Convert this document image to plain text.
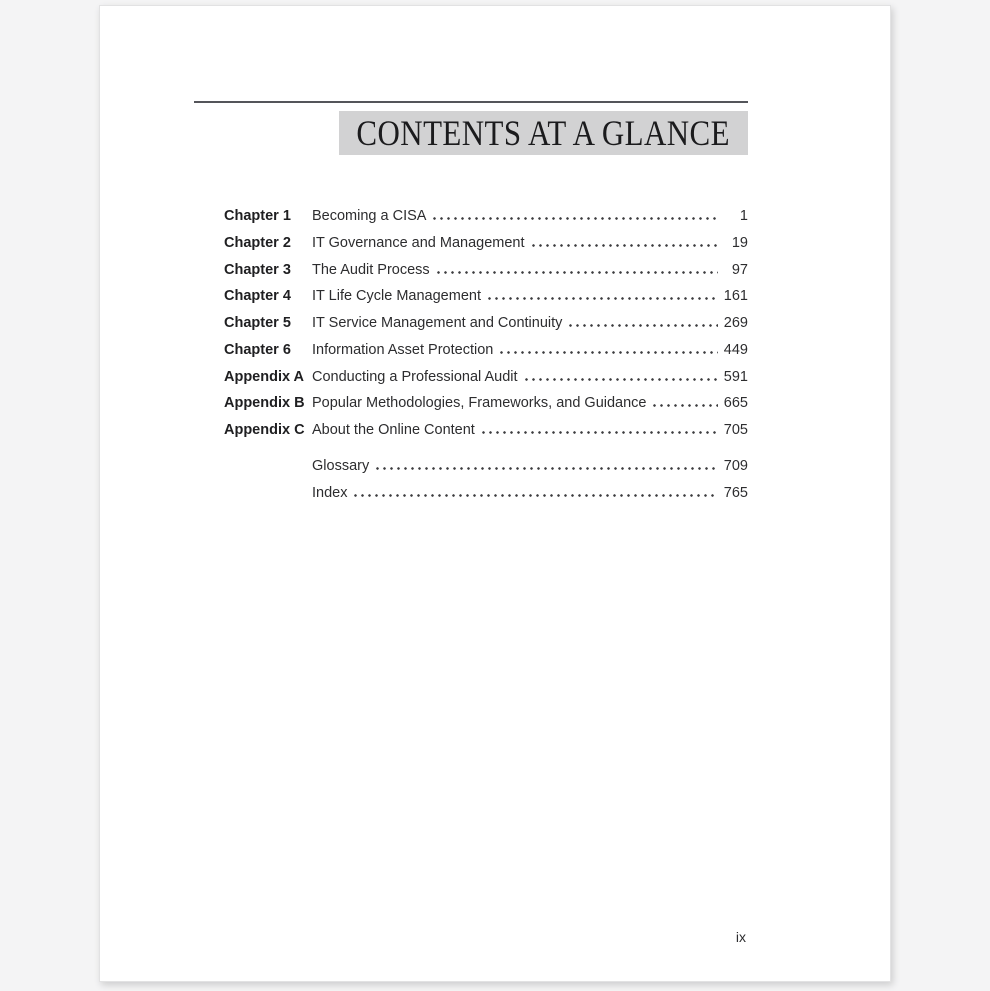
CONTENTS AT A GLANCE
Chapter 1	Becoming a CISA	1
Chapter 2	IT Governance and Management	19
Chapter 3	The Audit Process	97
Chapter 4	IT Life Cycle Management	161
Chapter 5	IT Service Management and Continuity	269
Chapter 6	Information Asset Protection	449
Appendix A Conducting a Professional Audit	591
Appendix B Popular Methodologies, Frameworks, and Guidance	665
Appendix C About the Online Content	705
Glossary	709
Index	765
ix
